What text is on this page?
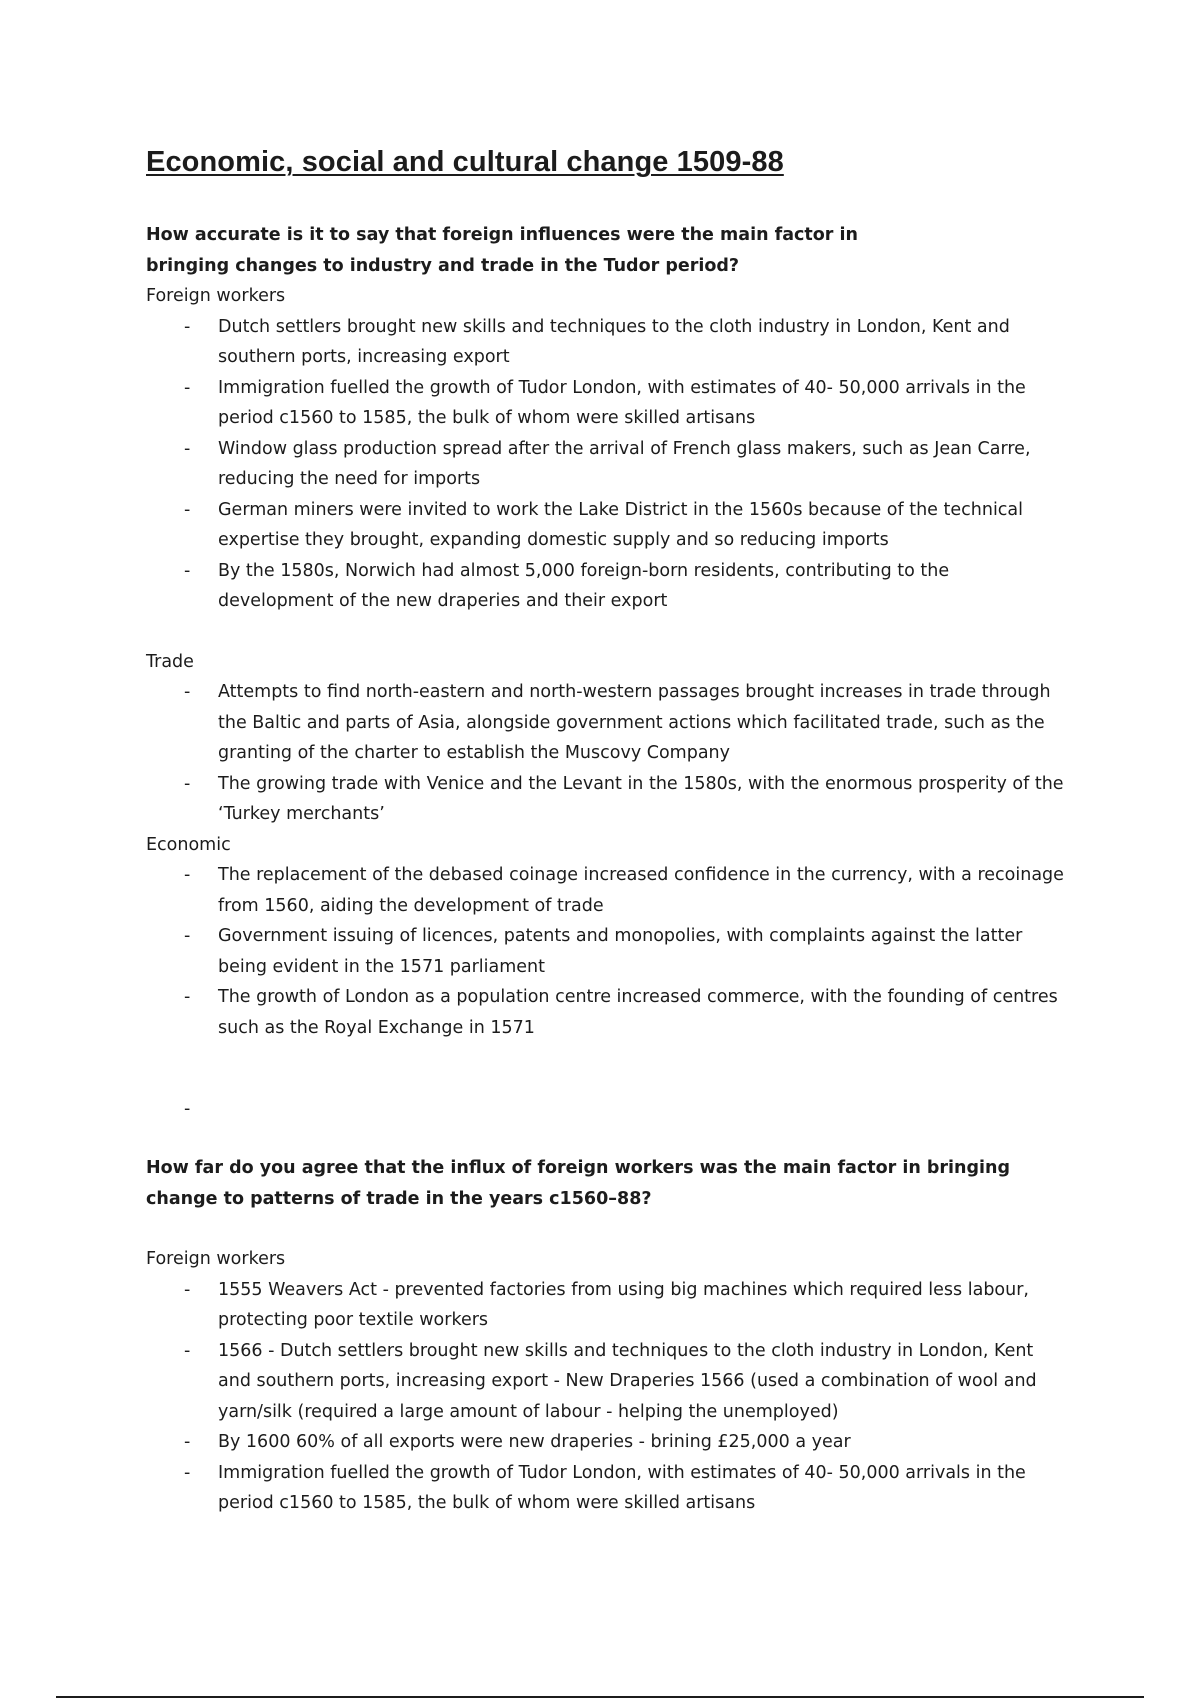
Economic, social and cultural change 1509-88

How accurate is it to say that foreign influences were the main factor in bringing changes to industry and trade in the Tudor period?

Foreign workers

- Dutch settlers brought new skills and techniques to the cloth industry in London, Kent and southern ports, increasing export
- Immigration fuelled the growth of Tudor London, with estimates of 40- 50,000 arrivals in the period c1560 to 1585, the bulk of whom were skilled artisans
- Window glass production spread after the arrival of French glass makers, such as Jean Carre, reducing the need for imports
- German miners were invited to work the Lake District in the 1560s because of the technical expertise they brought, expanding domestic supply and so reducing imports
- By the 1580s, Norwich had almost 5,000 foreign-born residents, contributing to the development of the new draperies and their export

Trade

- Attempts to find north-eastern and north-western passages brought increases in trade through the Baltic and parts of Asia, alongside government actions which facilitated trade, such as the granting of the charter to establish the Muscovy Company
- The growing trade with Venice and the Levant in the 1580s, with the enormous prosperity of the ‘Turkey merchants’

Economic

- The replacement of the debased coinage increased confidence in the currency, with a recoinage from 1560, aiding the development of trade
- Government issuing of licences, patents and monopolies, with complaints against the latter being evident in the 1571 parliament
- The growth of London as a population centre increased commerce, with the founding of centres such as the Royal Exchange in 1571
-

How far do you agree that the influx of foreign workers was the main factor in bringing change to patterns of trade in the years c1560–88?

Foreign workers

- 1555 Weavers Act - prevented factories from using big machines which required less labour, protecting poor textile workers
- 1566 - Dutch settlers brought new skills and techniques to the cloth industry in London, Kent and southern ports, increasing export - New Draperies 1566 (used a combination of wool and yarn/silk (required a large amount of labour - helping the unemployed)
- By 1600 60% of all exports were new draperies - brining £25,000 a year
- Immigration fuelled the growth of Tudor London, with estimates of 40- 50,000 arrivals in the period c1560 to 1585, the bulk of whom were skilled artisans
